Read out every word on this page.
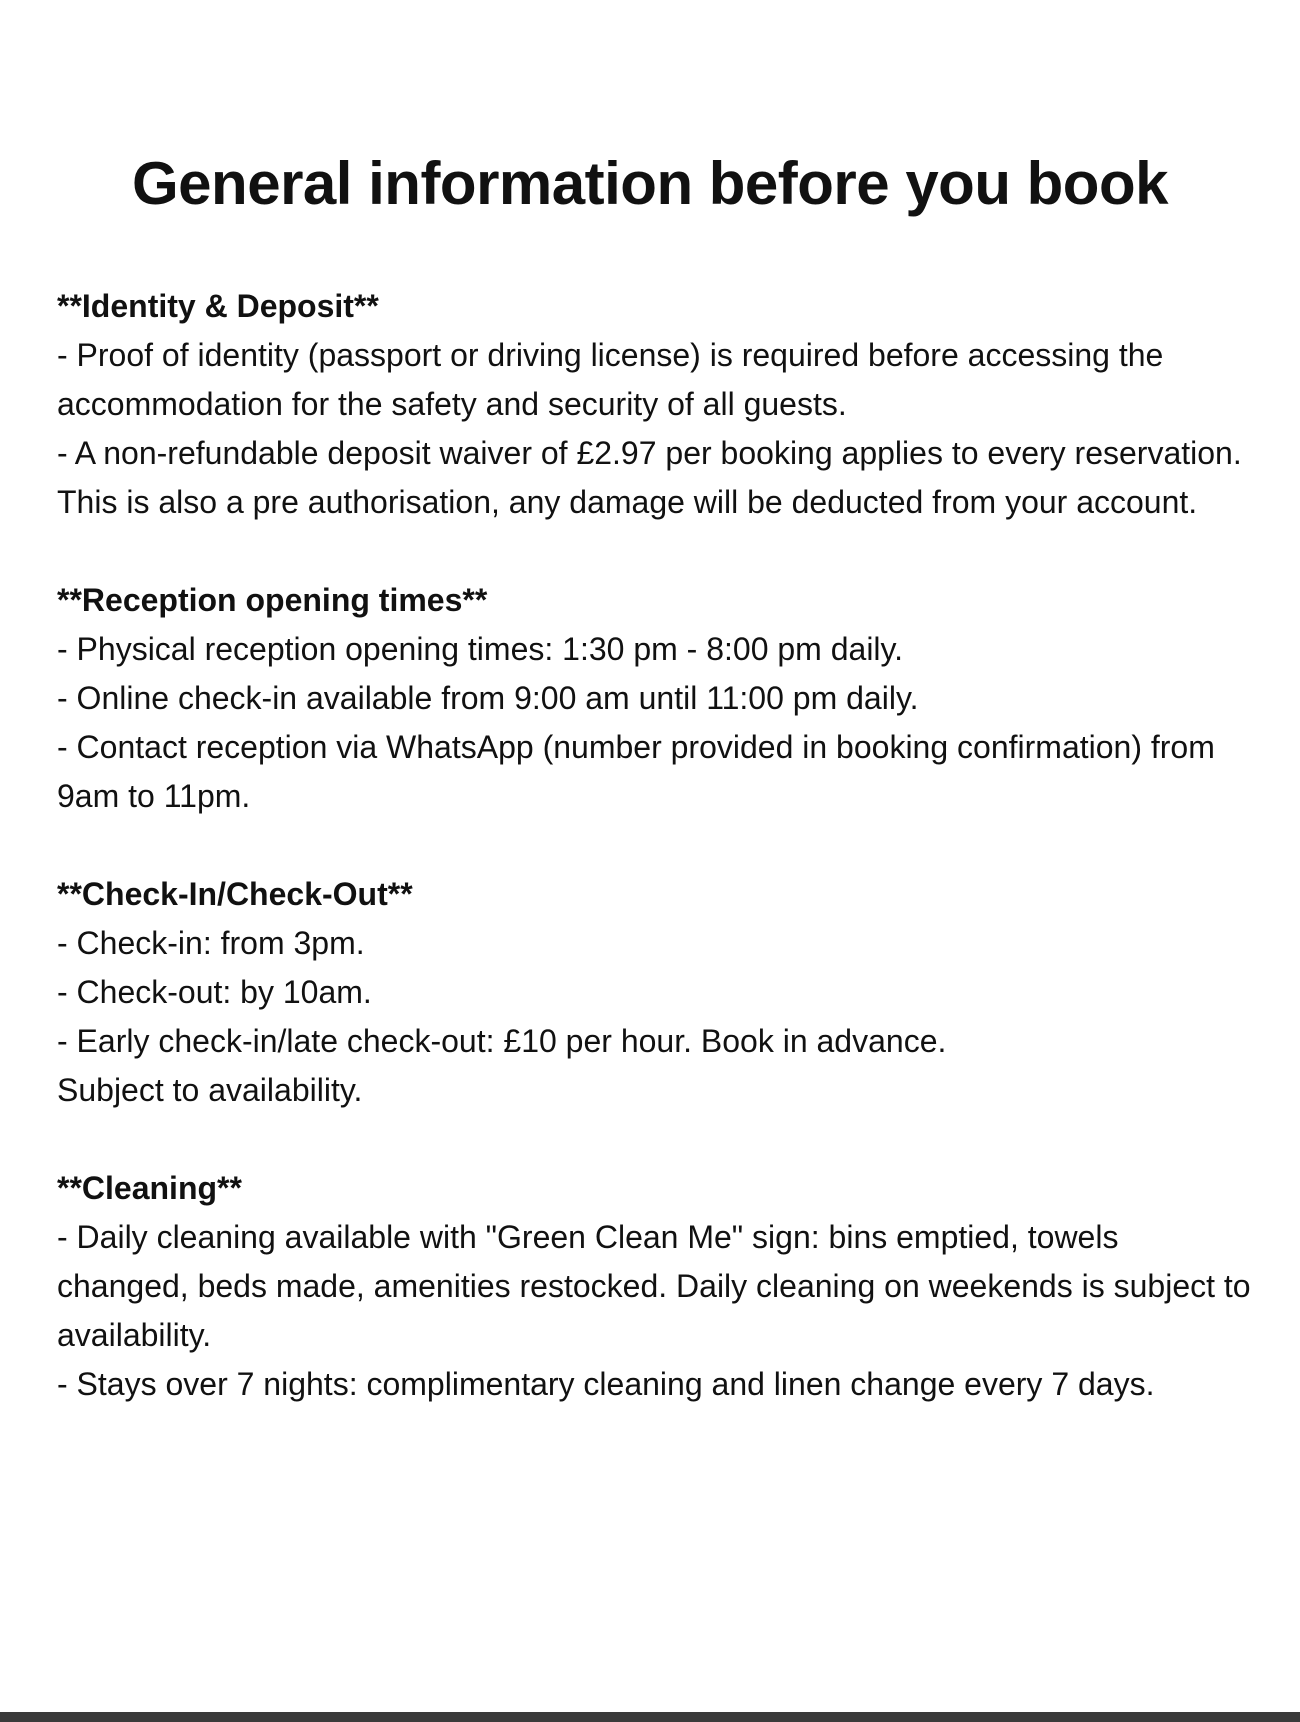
General information before you book

**Identity & Deposit**

- Proof of identity (passport or driving license) is required before accessing the accommodation for the safety and security of all guests.

- A non-refundable deposit waiver of £2.97 per booking applies to every reservation. This is also a pre authorisation, any damage will be deducted from your account.

**Reception opening times**

- Physical reception opening times: 1:30 pm - 8:00 pm daily.

- Online check-in available from 9:00 am until 11:00 pm daily.

- Contact reception via WhatsApp (number provided in booking confirmation) from 9am to 11pm.

**Check-In/Check-Out**

- Check-in: from 3pm.

- Check-out: by 10am.

- Early check-in/late check-out: £10 per hour. Book in advance.

Subject to availability.

**Cleaning**

- Daily cleaning available with "Green Clean Me" sign: bins emptied, towels changed, beds made, amenities restocked. Daily cleaning on weekends is subject to availability.

- Stays over 7 nights: complimentary cleaning and linen change every 7 days.
